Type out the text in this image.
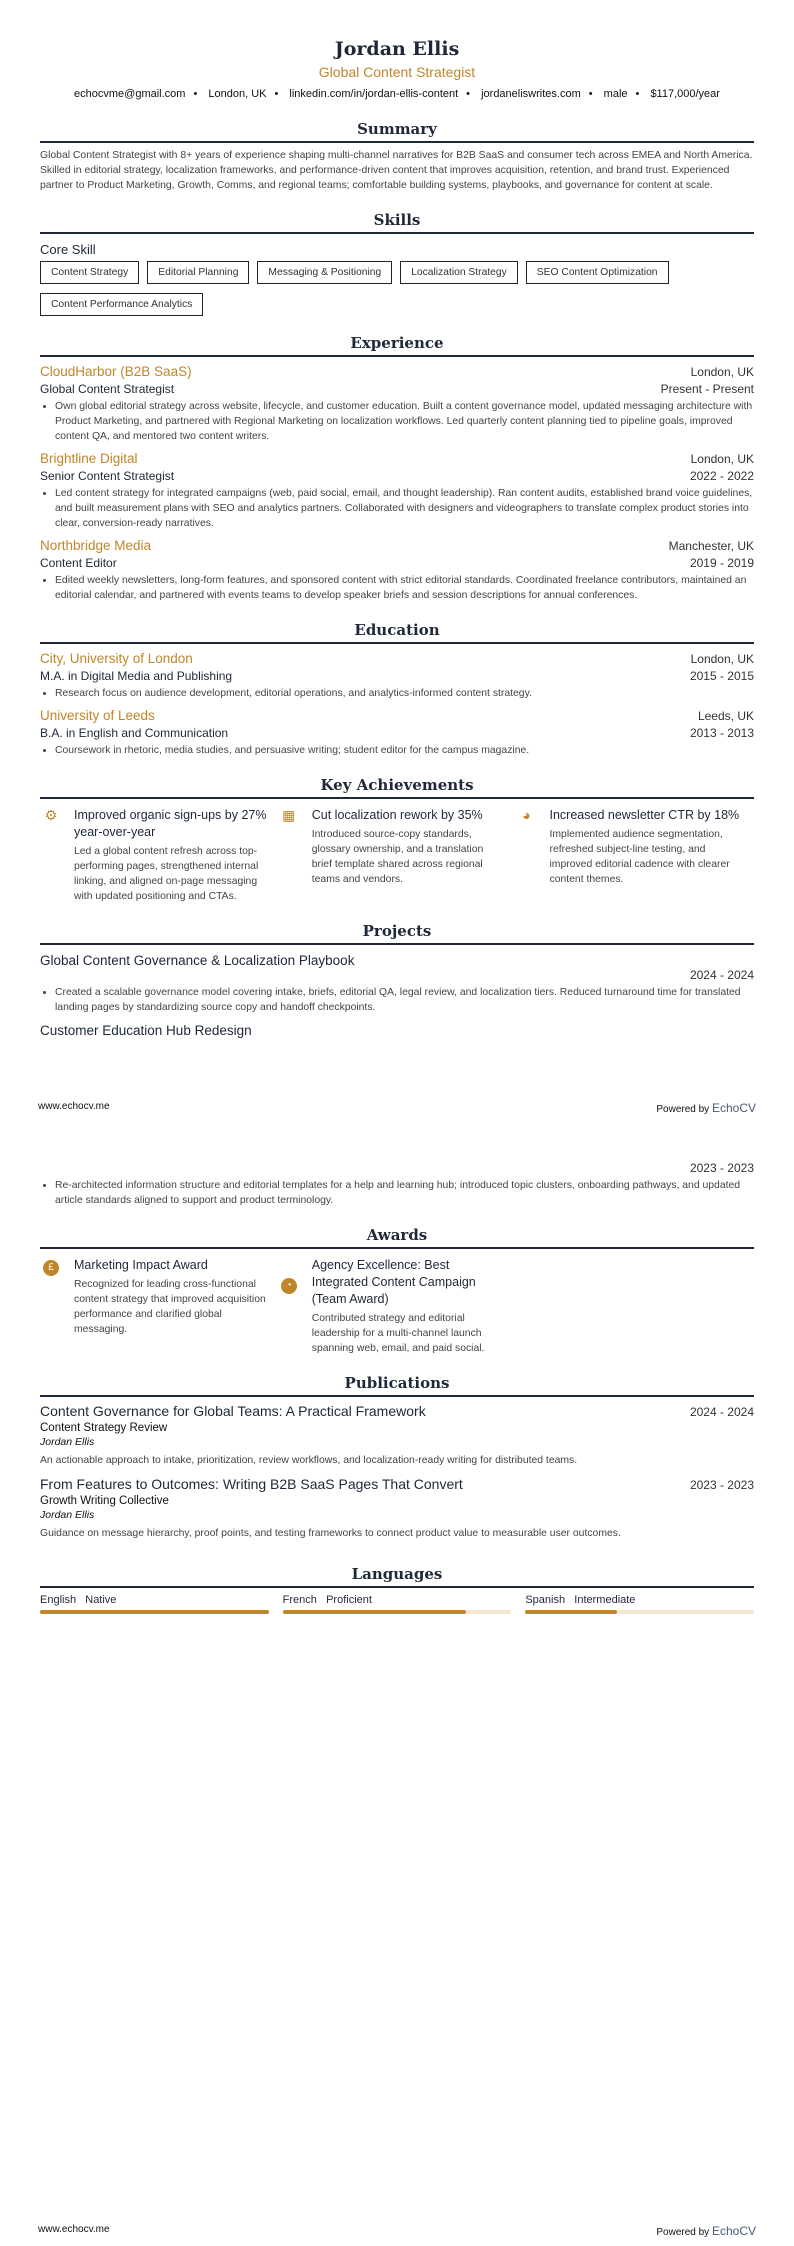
Jordan Ellis
Global Content Strategist
echocvme@gmail.com • London, UK • linkedin.com/in/jordan-ellis-content • jordaneliswrites.com • male • $117,000/year
Summary
Global Content Strategist with 8+ years of experience shaping multi-channel narratives for B2B SaaS and consumer tech across EMEA and North America. Skilled in editorial strategy, localization frameworks, and performance-driven content that improves acquisition, retention, and brand trust. Experienced partner to Product Marketing, Growth, Comms, and regional teams; comfortable building systems, playbooks, and governance for content at scale.
Skills
Core Skill
Content Strategy	Editorial Planning	Messaging & Positioning	Localization Strategy	SEO Content Optimization
Content Performance Analytics
Experience
CloudHarbor (B2B SaaS)	London, UK
Global Content Strategist	Present - Present
• Own global editorial strategy across website, lifecycle, and customer education. Built a content governance model, updated messaging architecture with Product Marketing, and partnered with Regional Marketing on localization workflows. Led quarterly content planning tied to pipeline goals, improved content QA, and mentored two content writers.
Brightline Digital	London, UK
Senior Content Strategist	2022 - 2022
• Led content strategy for integrated campaigns (web, paid social, email, and thought leadership). Ran content audits, established brand voice guidelines, and built measurement plans with SEO and analytics partners. Collaborated with designers and videographers to translate complex product stories into clear, conversion-ready narratives.
Northbridge Media	Manchester, UK
Content Editor	2019 - 2019
• Edited weekly newsletters, long-form features, and sponsored content with strict editorial standards. Coordinated freelance contributors, maintained an editorial calendar, and partnered with events teams to develop speaker briefs and session descriptions for annual conferences.
Education
City, University of London	London, UK
M.A. in Digital Media and Publishing	2015 - 2015
• Research focus on audience development, editorial operations, and analytics-informed content strategy.
University of Leeds	Leeds, UK
B.A. in English and Communication	2013 - 2013
• Coursework in rhetoric, media studies, and persuasive writing; student editor for the campus magazine.
Key Achievements
⚙	Improved organic sign-ups by 27% year-over-year
Led a global content refresh across top-performing pages, strengthened internal linking, and aligned on-page messaging with updated positioning and CTAs.
▦	Cut localization rework by 35%
Introduced source-copy standards, glossary ownership, and a translation brief template shared across regional teams and vendors.
◕	Increased newsletter CTR by 18%
Implemented audience segmentation, refreshed subject-line testing, and improved editorial cadence with clearer content themes.
Projects
Global Content Governance & Localization Playbook
2024 - 2024
• Created a scalable governance model covering intake, briefs, editorial QA, legal review, and localization tiers. Reduced turnaround time for translated landing pages by standardizing source copy and handoff checkpoints.
Customer Education Hub Redesign
www.echocv.me	Powered by EchoCV
2023 - 2023
• Re-architected information structure and editorial templates for a help and learning hub; introduced topic clusters, onboarding pathways, and updated article standards aligned to support and product terminology.
Awards
£	Marketing Impact Award
Recognized for leading cross-functional content strategy that improved acquisition performance and clarified global messaging.
◔
Agency Excellence: Best Integrated Content Campaign (Team Award)
Contributed strategy and editorial leadership for a multi-channel launch spanning web, email, and paid social.
Publications
Content Governance for Global Teams: A Practical Framework	2024 - 2024
Content Strategy Review
Jordan Ellis
An actionable approach to intake, prioritization, review workflows, and localization-ready writing for distributed teams.
From Features to Outcomes: Writing B2B SaaS Pages That Convert	2023 - 2023
Growth Writing Collective
Jordan Ellis
Guidance on message hierarchy, proof points, and testing frameworks to connect product value to measurable user outcomes.
Languages
English Native	French Proficient	Spanish Intermediate
www.echocv.me	Powered by EchoCV
